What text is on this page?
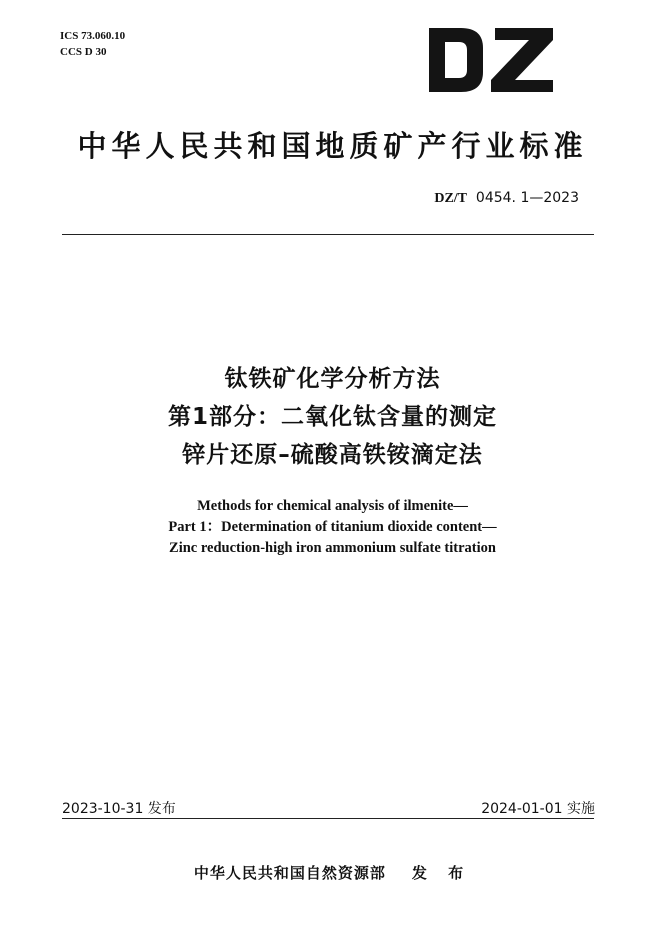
ICS 73.060.10
CCS D 30
中华人民共和国地质矿产行业标准
DZ/T 0454. 1—2023
钛铁矿化学分析方法
第1部分：二氧化钛含量的测定
锌片还原–硫酸高铁铵滴定法
Methods for chemical analysis of ilmenite—
Part 1：Determination of titanium dioxide content—
Zinc reduction-high iron ammonium sulfate titration
2023-10-31 发布	2024-01-01 实施
中华人民共和国自然资源部 发 布
